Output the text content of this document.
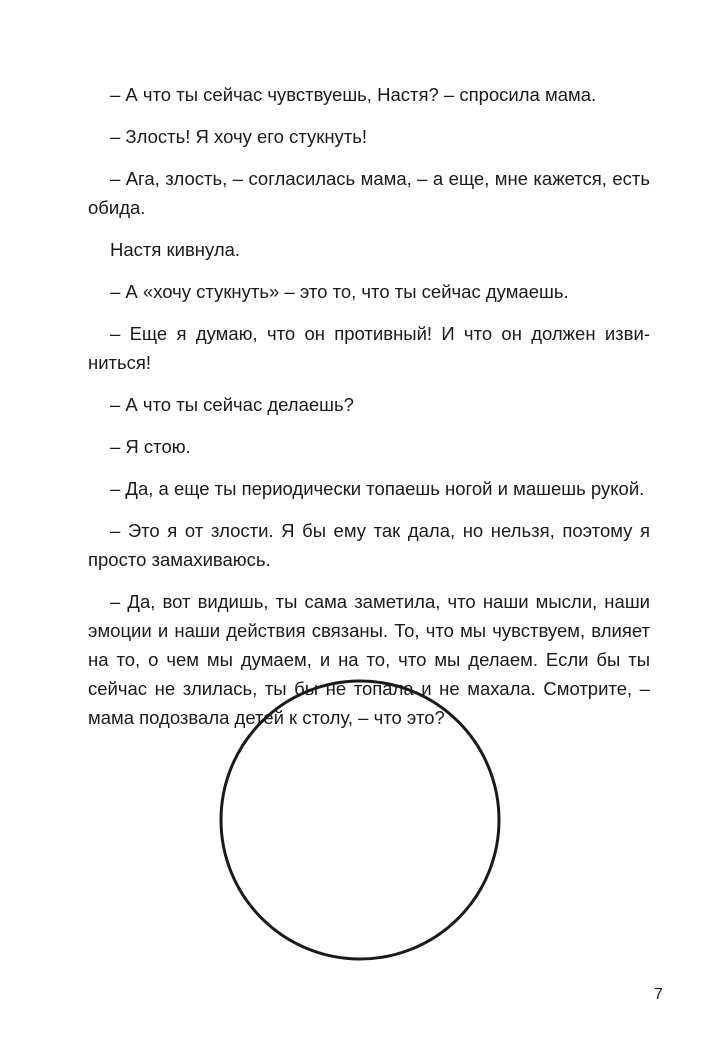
– А что ты сейчас чувствуешь, Настя? – спросила мама.

– Злость! Я хочу его стукнуть!

– Ага, злость, – согласилась мама, – а еще, мне кажется, есть обида.

Настя кивнула.

– А «хочу стукнуть» – это то, что ты сейчас думаешь.

– Еще я думаю, что он противный! И что он должен извиниться!

– А что ты сейчас делаешь?

– Я стою.

– Да, а еще ты периодически топаешь ногой и машешь рукой.

– Это я от злости. Я бы ему так дала, но нельзя, поэтому я просто замахиваюсь.

– Да, вот видишь, ты сама заметила, что наши мысли, наши эмоции и наши действия связаны. То, что мы чувствуем, влияет на то, о чем мы думаем, и на то, что мы делаем. Если бы ты сейчас не злилась, ты бы не топала и не махала. Смотрите, – мама подозвала детей к столу, – что это?

7
